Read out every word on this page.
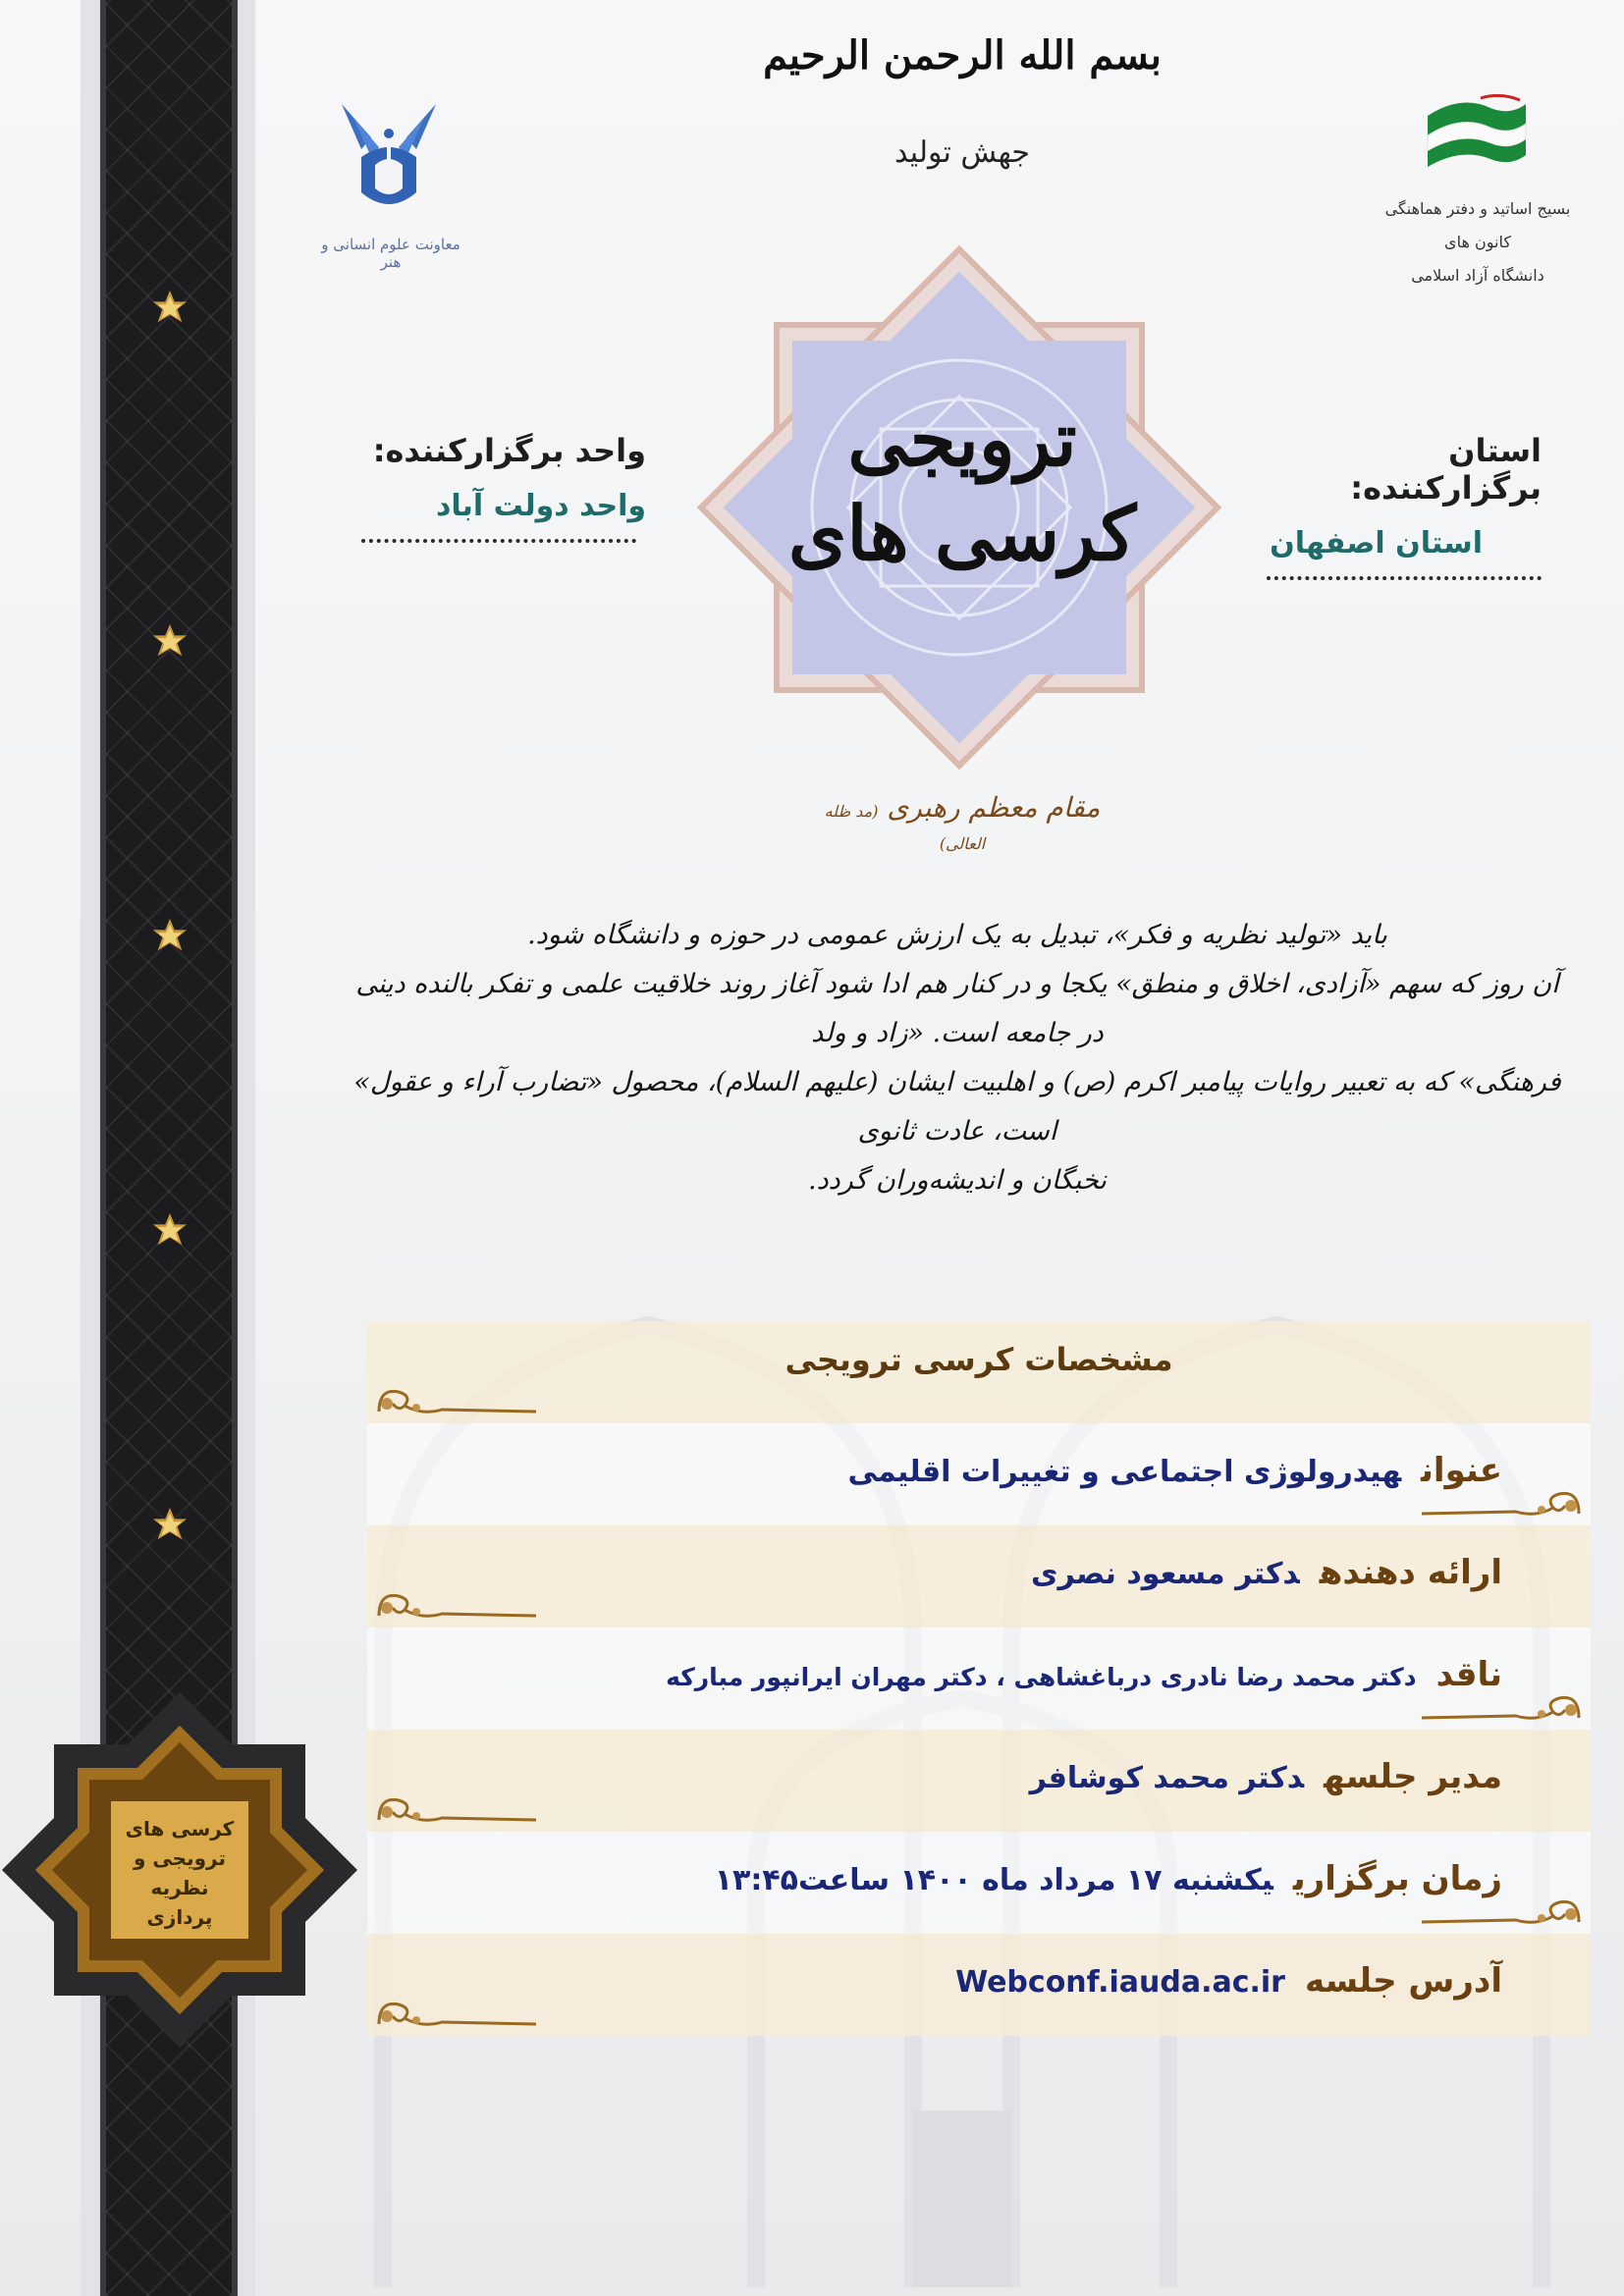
کرسی های
ترویجی و
نظریه
پردازی
بسم الله الرحمن الرحیم
جهش تولید
معاونت علوم انسانی و هنر
بسیج اساتید و دفتر هماهنگی کانون های
دانشگاه آزاد اسلامی
استان برگزارکننده:
استان اصفهان
واحد برگزارکننده:
واحد دولت آباد
ترویجی
کرسی های
مقام معظم رهبری (مد ظله العالی)
باید «تولید نظریه و فکر»، تبدیل به یک ارزش عمومی در حوزه و دانشگاه شود.
آن روز که سهم «آزادی، اخلاق و منطق» یکجا و در کنار هم ادا شود آغاز روند خلاقیت علمی و تفکر بالنده دینی در جامعه است. «زاد و ولد
فرهنگی» که به تعبیر روایات پیامبر اکرم (ص) و اهلبیت ایشان (علیهم السلام)، محصول «تضارب آراء و عقول» است، عادت ثانوی
نخبگان و اندیشه‌وران گردد.
مشخصات کرسی ترویجی
عنوانهیدرولوژی اجتماعی و تغییرات اقلیمی
ارائه دهندهدکتر مسعود نصری
ناقددکتر محمد رضا نادری درباغشاهی ، دکتر مهران ایرانپور مبارکه
مدیر جلسهدکتر محمد کوشافر
زمان برگزارییکشنبه ۱۷ مرداد ماه ۱۴۰۰ ساعت۱۳:۴۵
آدرس جلسهWebconf.iauda.ac.ir
